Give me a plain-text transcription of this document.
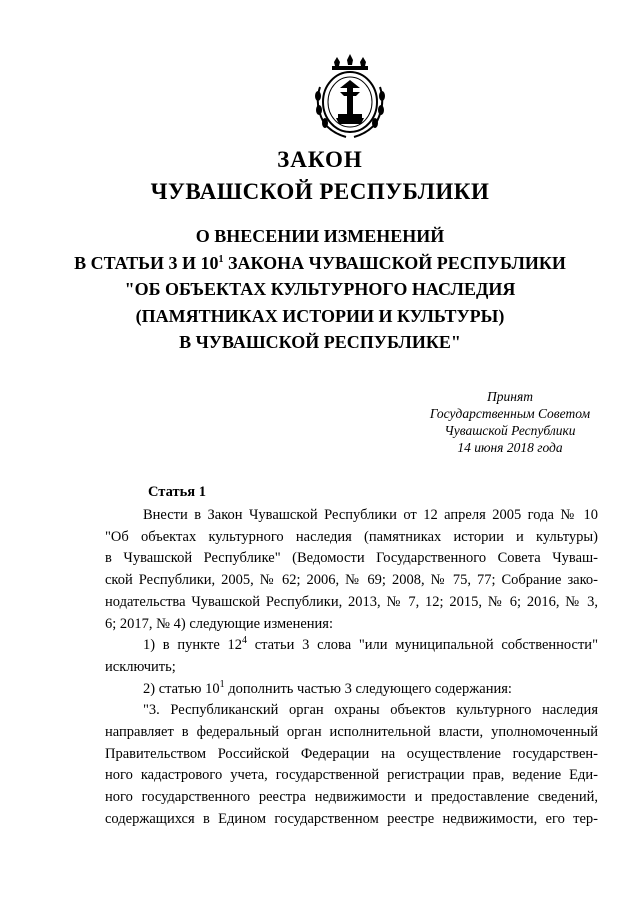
ЗАКОН
ЧУВАШСКОЙ РЕСПУБЛИКИ
О ВНЕСЕНИИ ИЗМЕНЕНИЙ
В СТАТЬИ 3 И $10^1$ ЗАКОНА ЧУВАШСКОЙ РЕСПУБЛИКИ
"ОБ ОБЪЕКТАХ КУЛЬТУРНОГО НАСЛЕДИЯ
(ПАМЯТНИКАХ ИСТОРИИ И КУЛЬТУРЫ)
В ЧУВАШСКОЙ РЕСПУБЛИКЕ"
Принят
Государственным Советом
Чувашской Республики
14 июня 2018 года
Статья 1
Внести в Закон Чувашской Республики от 12 апреля 2005 года № 10
"Об объектах культурного наследия (памятниках истории и культуры)
в Чувашской Республике" (Ведомости Государственного Совета Чуваш-
ской Республики, 2005, № 62; 2006, № 69; 2008, № 75, 77; Собрание зако-
нодательства Чувашской Республики, 2013, № 7, 12; 2015, № 6; 2016, № 3,
6; 2017, № 4) следующие изменения:
1) в пункте $12^4$ статьи 3 слова "или муниципальной собственности"
исключить;
2) статью $10^1$ дополнить частью 3 следующего содержания:
"3. Республиканский орган охраны объектов культурного наследия
направляет в федеральный орган исполнительной власти, уполномоченный
Правительством Российской Федерации на осуществление государствен-
ного кадастрового учета, государственной регистрации прав, ведение Еди-
ного государственного реестра недвижимости и предоставление сведений,
содержащихся в Едином государственном реестре недвижимости, его тер-
